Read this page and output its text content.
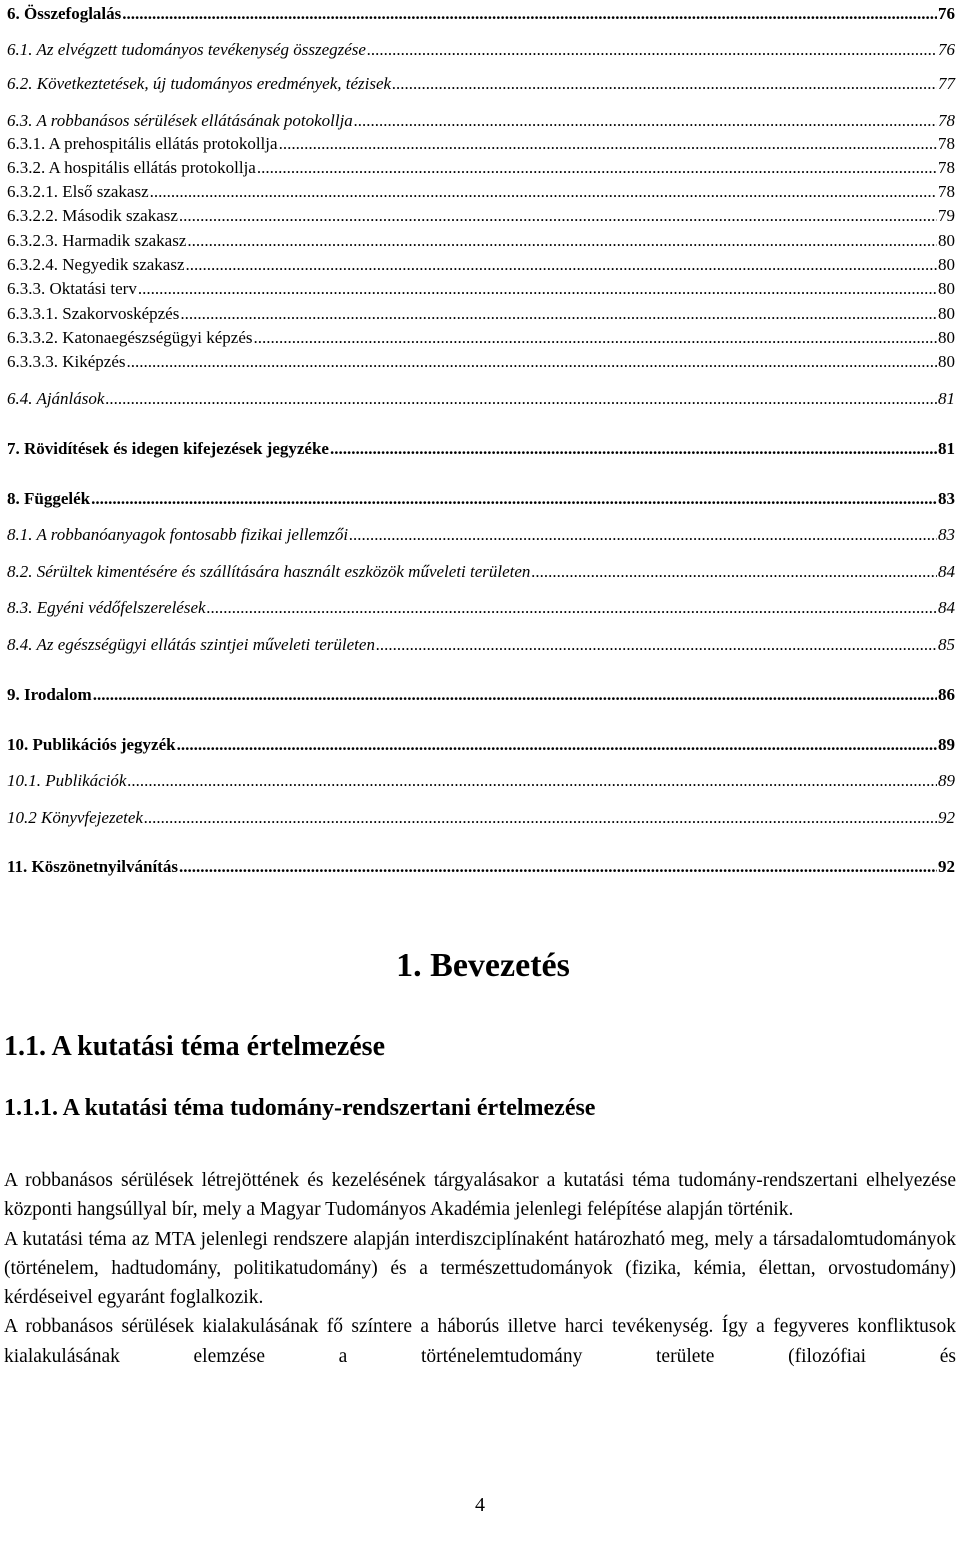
6. Összefoglalás .....	76
6.1. Az elvégzett tudományos tevékenység összegzése .....	76
6.2. Következtetések, új tudományos eredmények, tézisek .....	77
6.3. A robbanásos sérülések ellátásának potokollja .....	78
6.3.1. A prehospitális ellátás protokollja .....	78
6.3.2. A hospitális ellátás protokollja .....	78
6.3.2.1. Első szakasz .....	78
6.3.2.2. Második szakasz .....	79
6.3.2.3. Harmadik szakasz .....	80
6.3.2.4. Negyedik szakasz .....	80
6.3.3. Oktatási terv .....	80
6.3.3.1. Szakorvosképzés .....	80
6.3.3.2. Katonaegészségügyi képzés .....	80
6.3.3.3. Kiképzés .....	80
6.4. Ajánlások .....	81
7. Rövidítések és idegen kifejezések jegyzéke .....	81
8. Függelék .....	83
8.1. A robbanóanyagok fontosabb fizikai jellemzői .....	83
8.2. Sérültek kimentésére és szállítására használt eszközök műveleti területen .....	84
8.3. Egyéni védőfelszerelések .....	84
8.4. Az egészségügyi ellátás szintjei műveleti területen .....	85
9. Irodalom .....	86
10. Publikációs jegyzék .....	89
10.1. Publikációk .....	89
10.2 Könyvfejezetek .....	92
11. Köszönetnyilvánítás .....	92
1. Bevezetés
1.1. A kutatási téma értelmezése
1.1.1. A kutatási téma tudomány-rendszertani értelmezése

A robbanásos sérülések létrejöttének és kezelésének tárgyalásakor a kutatási téma tudomány-rendszertani elhelyezése központi hangsúllyal bír, mely a Magyar Tudományos Akadémia jelenlegi felépítése alapján történik.

A kutatási téma az MTA jelenlegi rendszere alapján interdiszciplínaként határozható meg, mely a társadalomtudományok (történelem, hadtudomány, politikatudomány) és a természettudományok (fizika, kémia, élettan, orvostudomány) kérdéseivel egyaránt foglalkozik.

A robbanásos sérülések kialakulásának fő színtere a háborús illetve harci tevékenység. Így a fegyveres konfliktusok kialakulásának elemzése a történelemtudomány területe (filozófiai és

4
